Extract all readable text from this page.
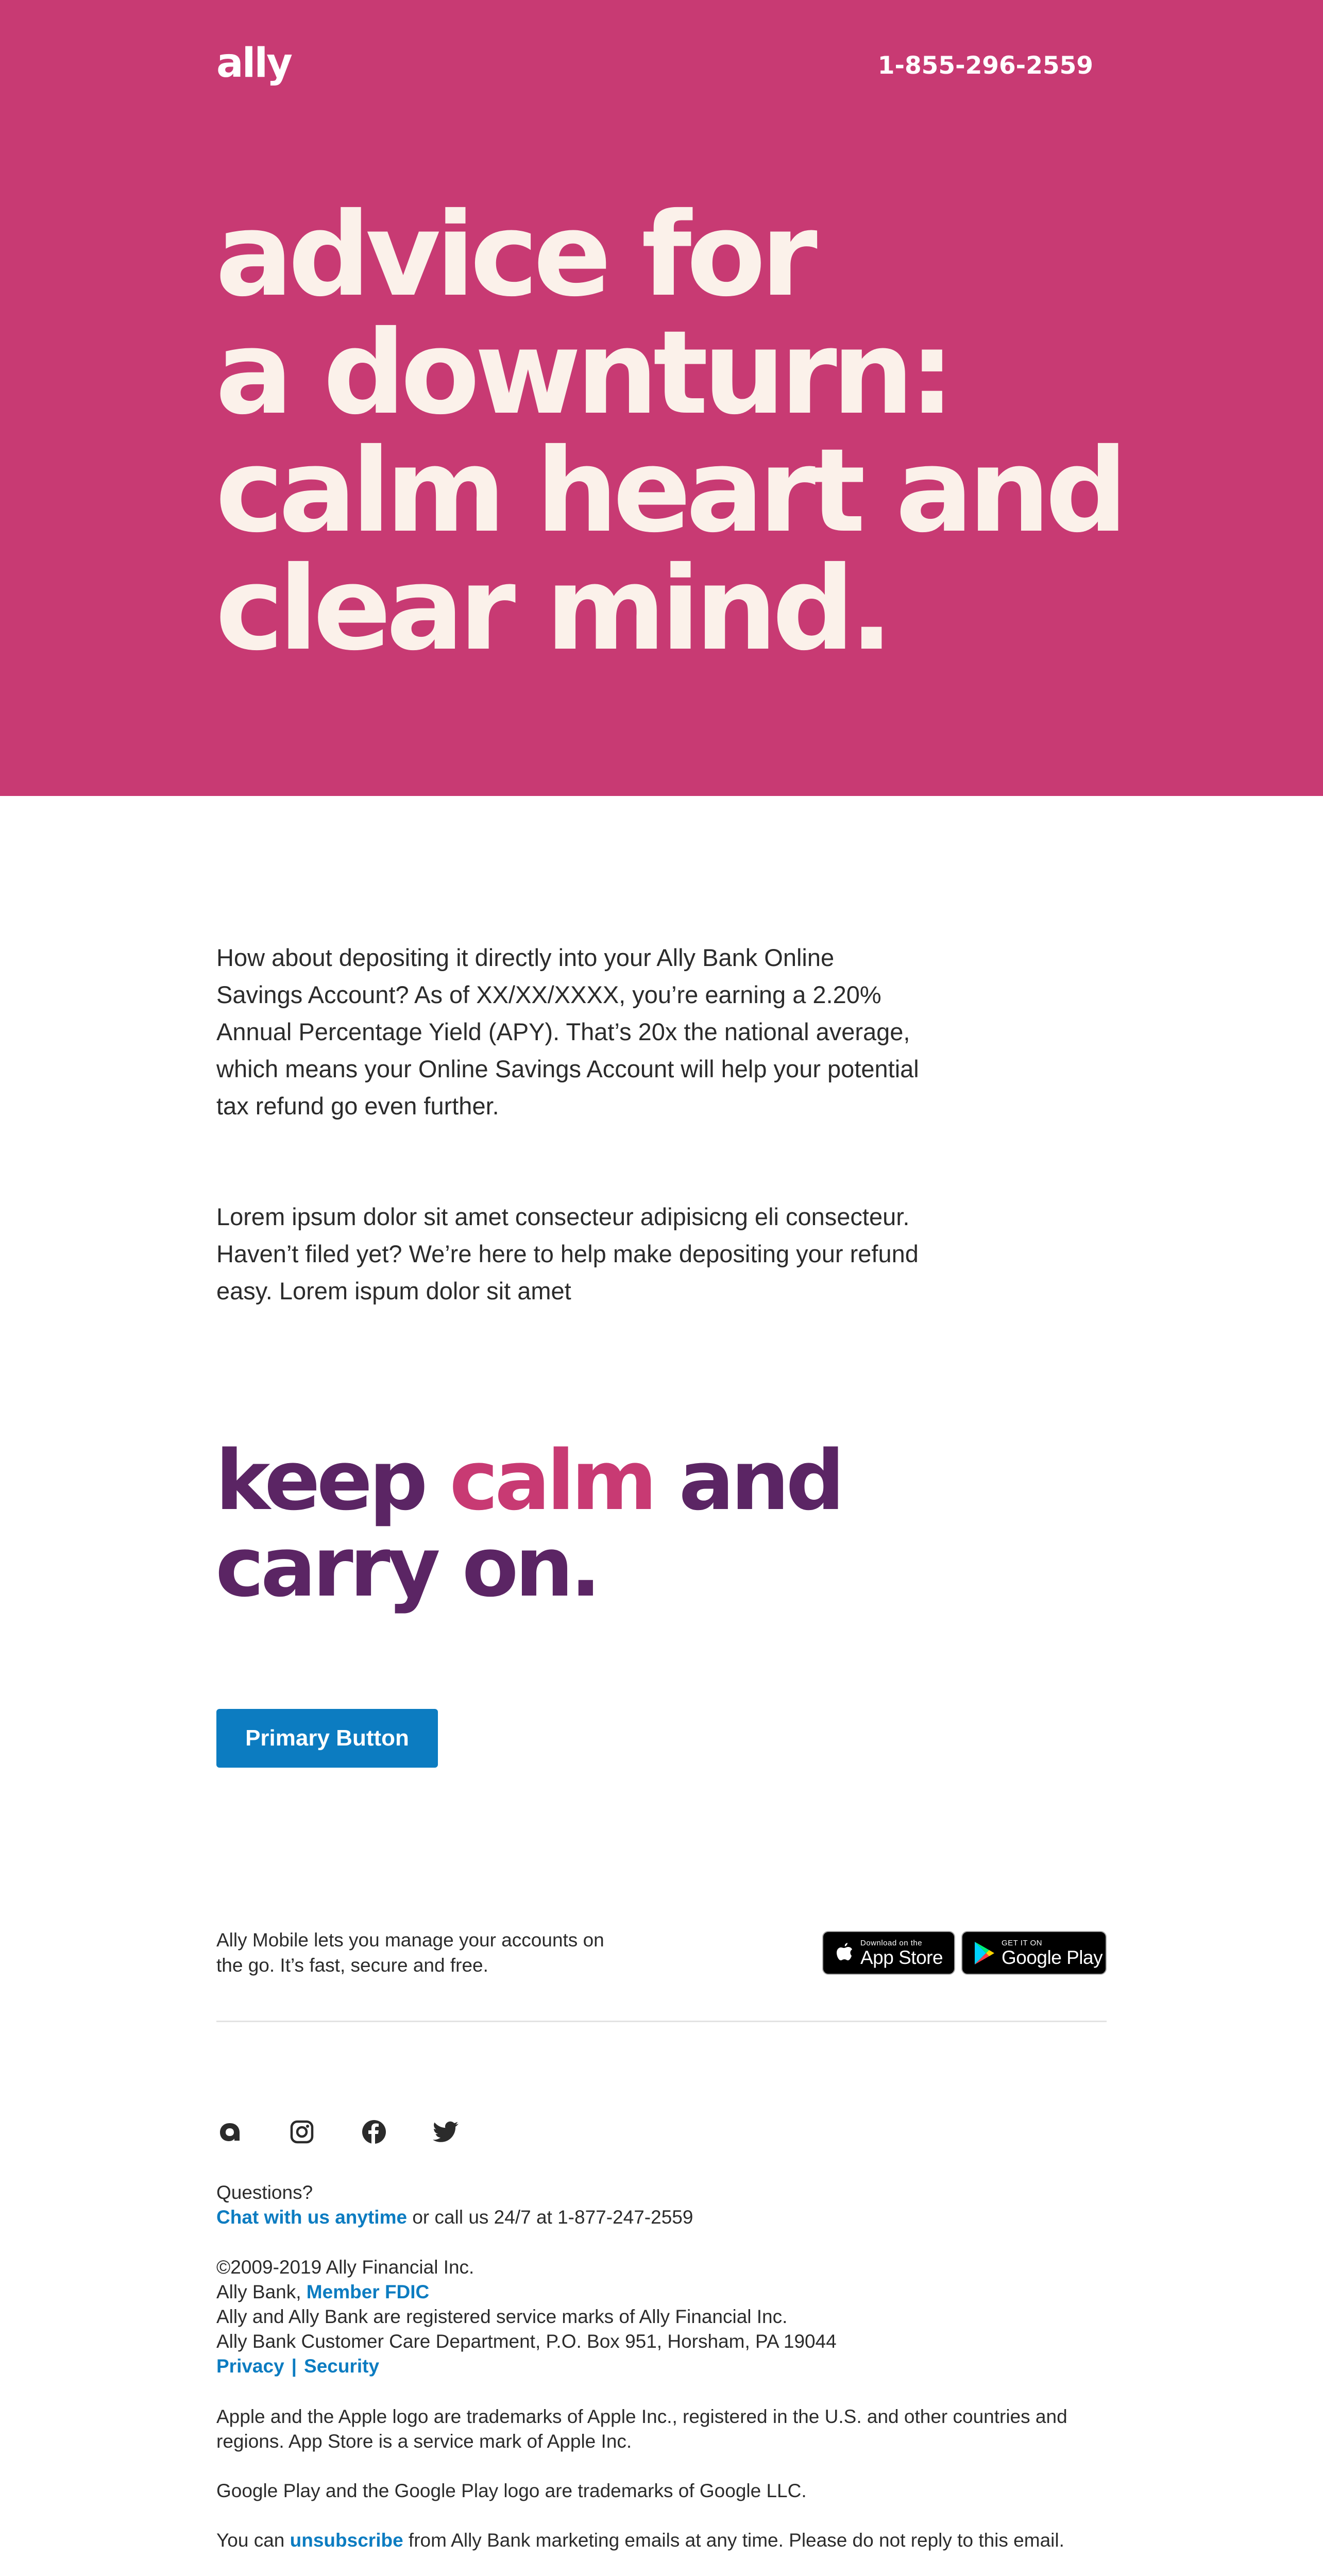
ally	1-855-296-2559
advice for
a downturn:
calm heart and
clear mind.

How about depositing it directly into your Ally Bank Online Savings Account? As of XX/XX/XXXX, you’re earning a 2.20% Annual Percentage Yield (APY). That’s 20x the national average, which means your Online Savings Account will help your potential tax refund go even further.

Lorem ipsum dolor sit amet consecteur adipisicng eli consecteur. Haven’t filed yet? We’re here to help make depositing your refund easy. Lorem ispum dolor sit amet

keep calm and
carry on.
Primary Button

Ally Mobile lets you manage your accounts on the go. It’s fast, secure and free.

Download on the
App Store
GET IT ON
Google Play

Questions?
Chat with us anytime or call us 24/7 at 1-877-247-2559

©2009-2019 Ally Financial Inc.
Ally Bank, Member FDIC
Ally and Ally Bank are registered service marks of Ally Financial Inc.
Ally Bank Customer Care Department, P.O. Box 951, Horsham, PA 19044
Privacy | Security

Apple and the Apple logo are trademarks of Apple Inc., registered in the U.S. and other countries and regions. App Store is a service mark of Apple Inc.

Google Play and the Google Play logo are trademarks of Google LLC.

You can unsubscribe from Ally Bank marketing emails at any time. Please do not reply to this email.
